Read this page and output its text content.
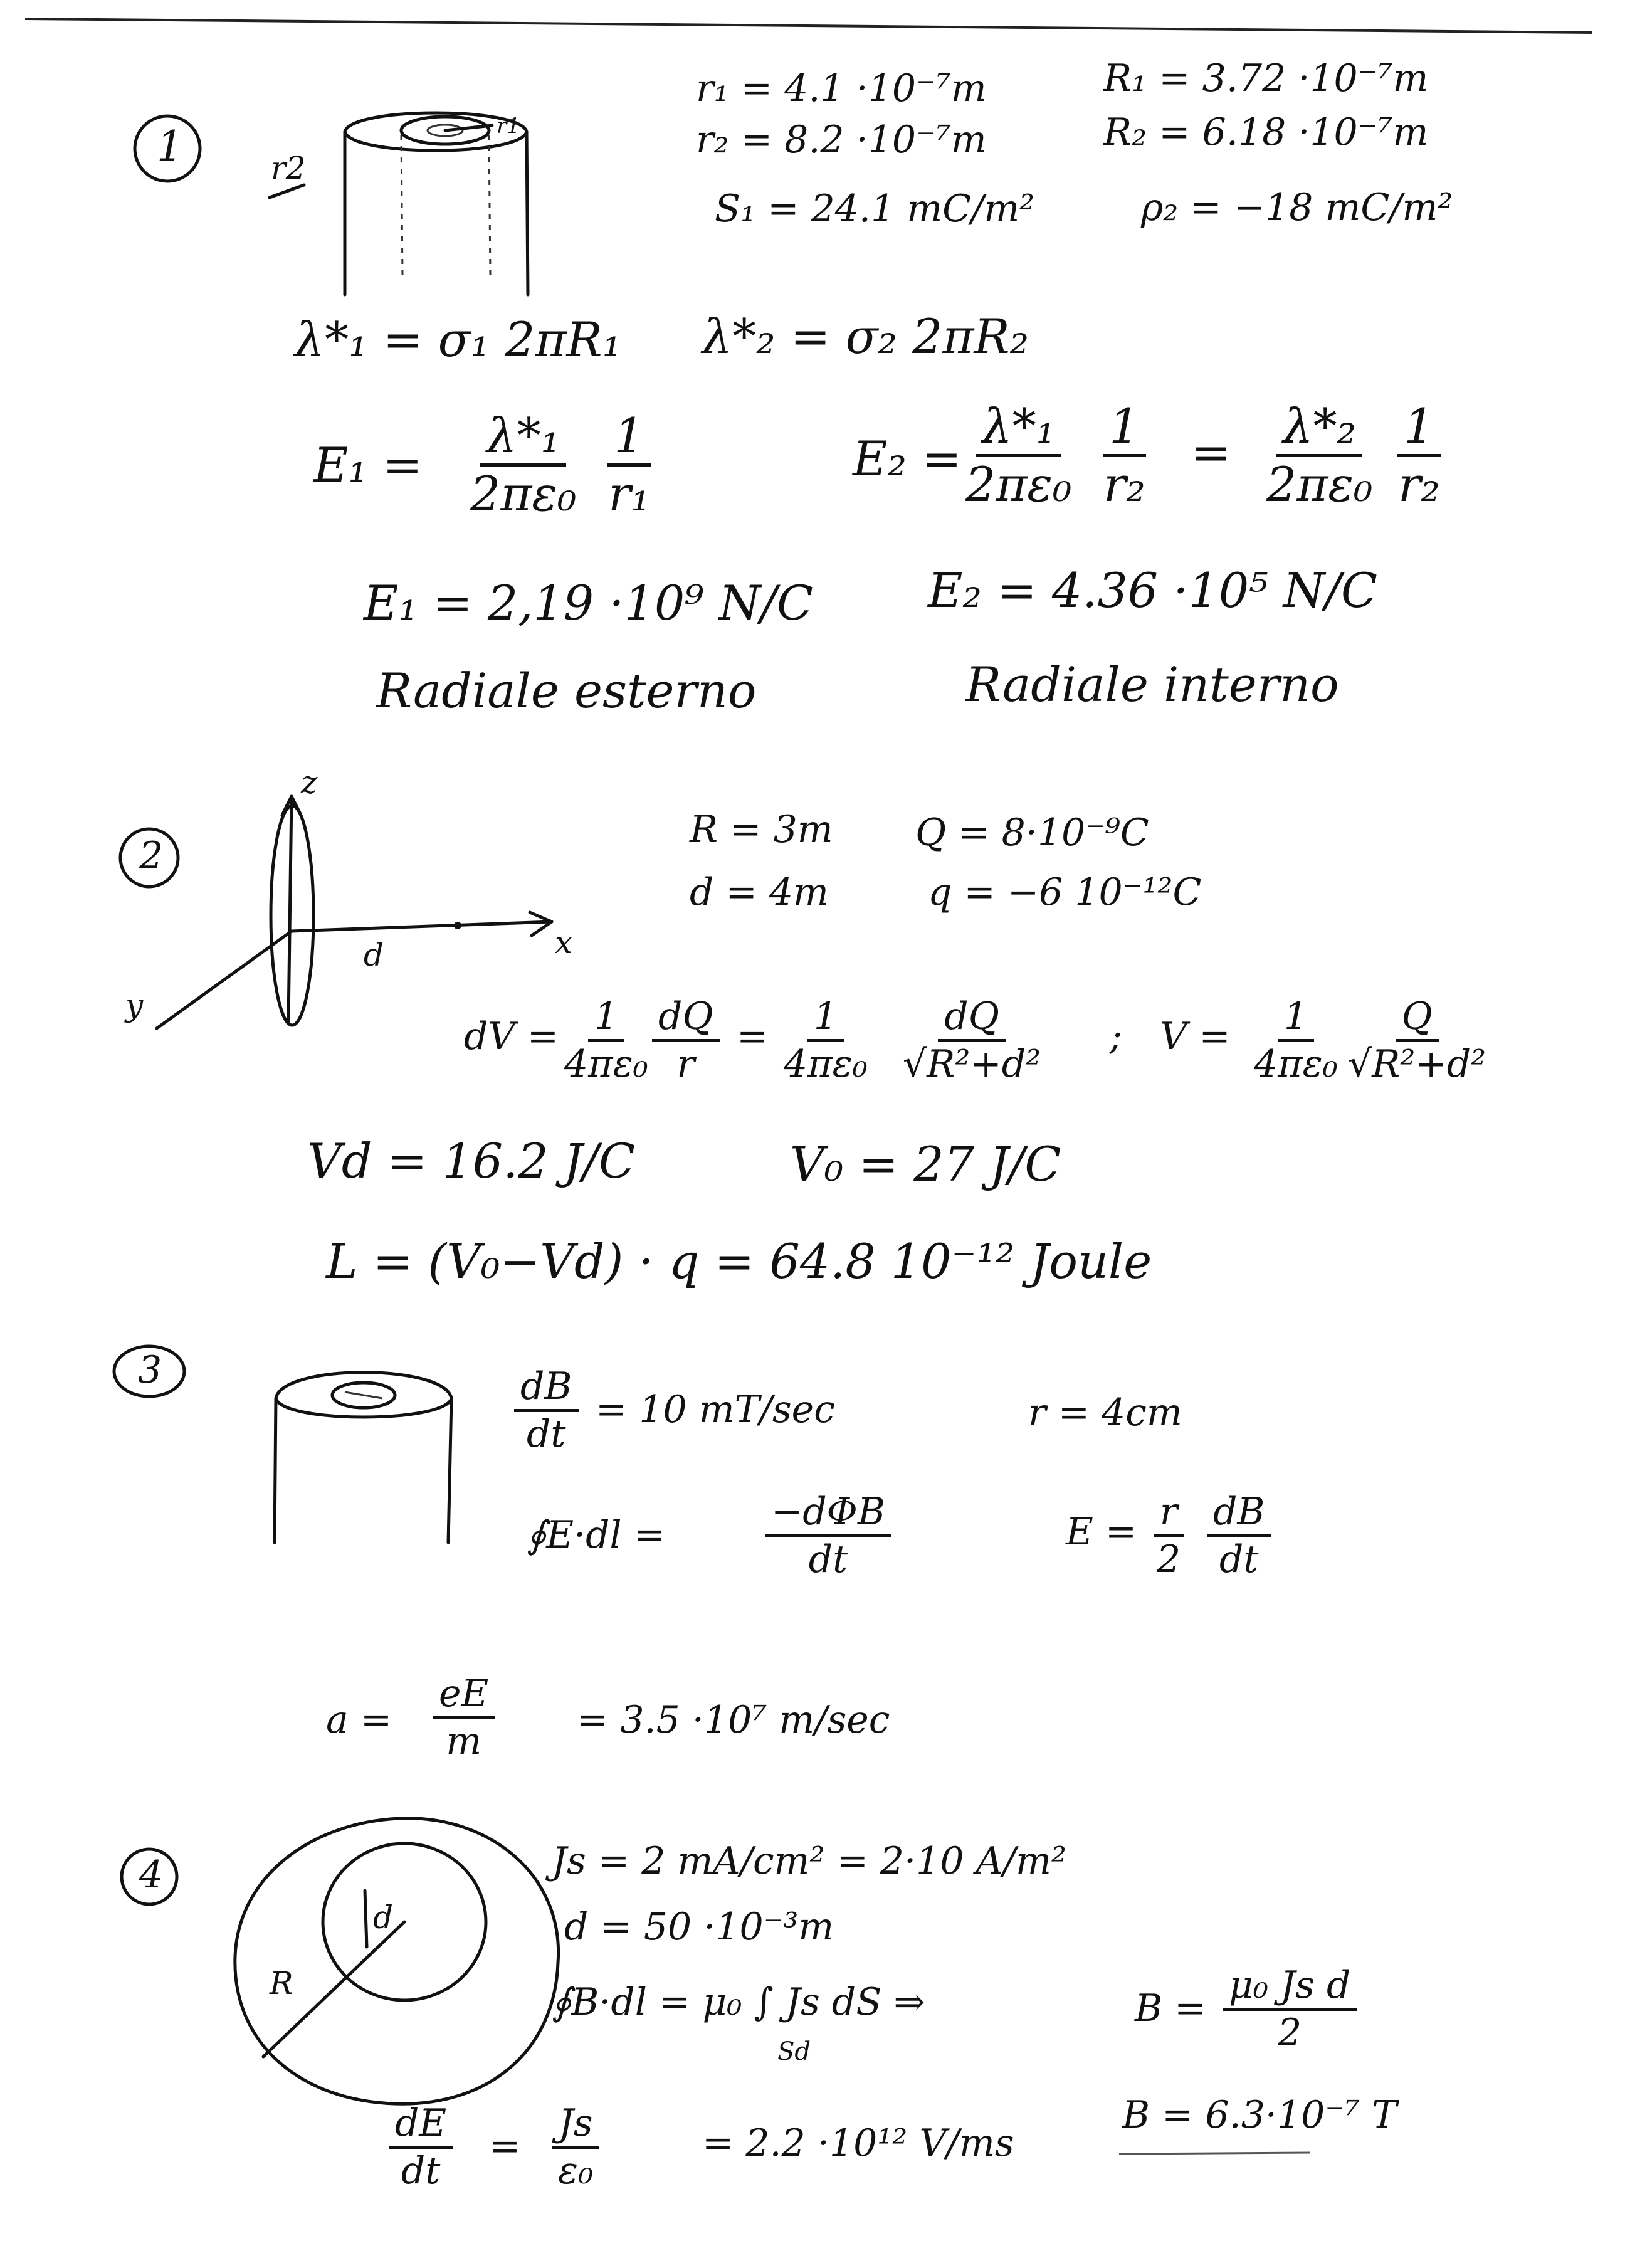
1	r2
r1
r₁ = 4.1 ·10⁻⁷m
r₂ = 8.2 ·10⁻⁷m
S₁ = 24.1 mC/m²
R₁ = 3.72 ·10⁻⁷m
R₂ = 6.18 ·10⁻⁷m
ρ₂ = −18 mC/m²
λ*₁ = σ₁ 2πR₁ λ*₂ = σ₂ 2πR₂
$E_1 = \frac{\text{λ*₁}}{\text{2πε₀}} \frac{1}{\text{r₁}}$	E₂ =
$\frac{\text{λ*₁}}{\text{2πε₀}} \frac{1}{\text{r₂}} = \frac{\text{λ*₂}}{\text{2πε₀}} \frac{1}{\text{r₂}}$
E₁ = 2,19 ·10⁹ N/C E₂ = 4.36 ·10⁵ N/C
Radiale esterno	Radiale interno
2
z
x
y
d
R = 3m
d = 4m
Q = 8·10⁻⁹C
q = −6 10⁻¹²C
dV =
$\frac{1}{\text{4πε₀}}$
$\frac{dQ}{r} = \frac{1}{\text{4πε₀}} \frac{dQ}{\text{√R²+d²}}$ ; $V = \frac{1}{\text{4πε₀}}$
$\frac{Q}{\text{√R²+d²}}$
Vd = 16.2 J/C	V₀ = 27 J/C
L = (V₀−Vd) · q = 64.8 10⁻¹² Joule
3	$\frac{dB}{dt} = 10$ mT/sec	r = 4cm
∮E·dl =
−dΦB
dt
$E = \frac{r}{2} \frac{dB}{dt}$
$a = \frac{eE}{m} = 3.5 \cdot 10^7$ m/sec
4
d
R
Js = 2 mA/cm² = 2·10 A/m²
d = 50 ·10⁻³m
∮B·dl = μ₀ ∫ Js dS ⇒
Sd
$B = \frac{\text{μ₀ Js d}}{2}$
B = 6.3·10⁻⁷ T
$\frac{dE}{dt} = \frac{Js}{\text{ε₀}}$	= 2.2 ·10¹² V/ms
